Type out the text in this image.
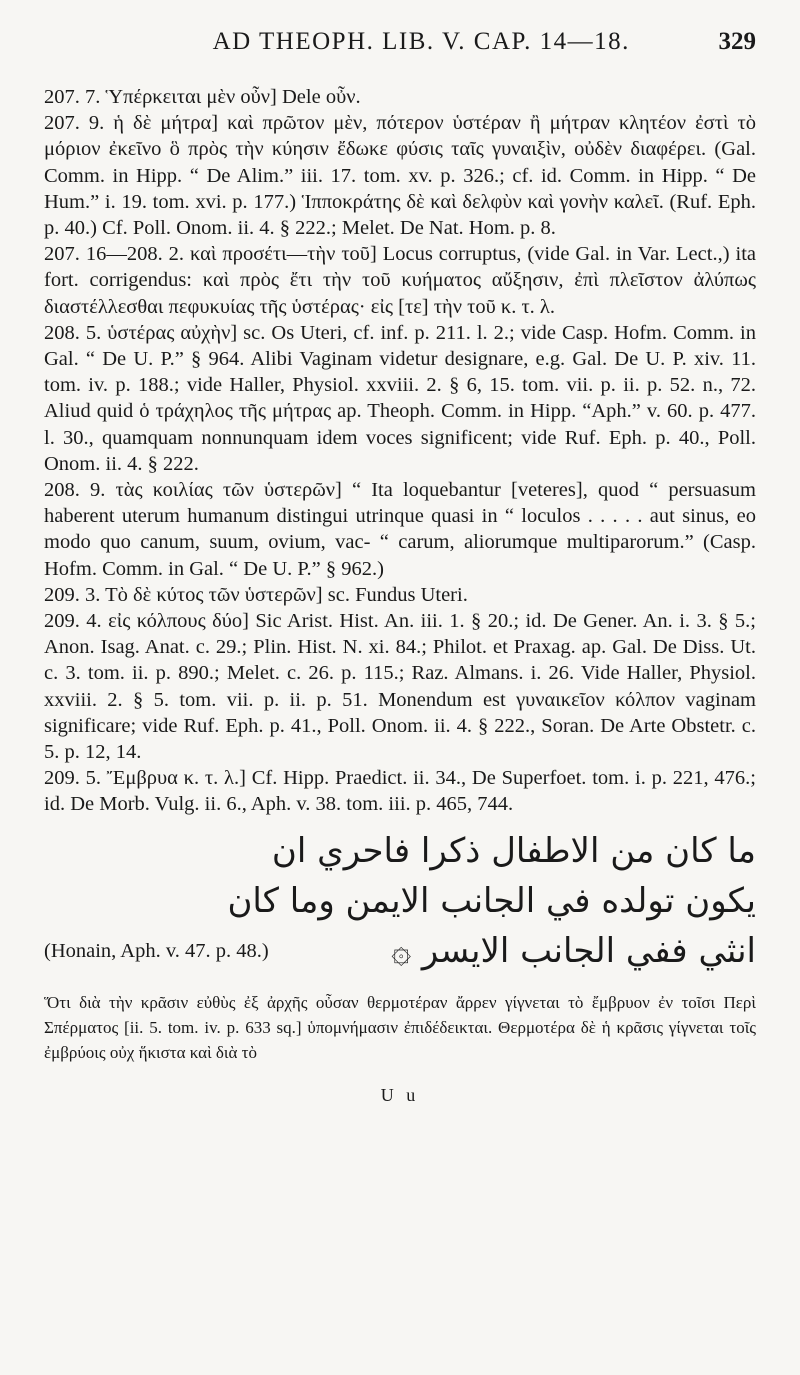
AD THEOPH. LIB. V. CAP. 14—18.	329

207. 7. Ὑπέρκειται μὲν οὖν] Dele οὖν.

207. 9. ἡ δὲ μήτρα] καὶ πρῶτον μὲν, πότερον ὑστέραν ἢ μήτραν κλητέον ἐστὶ τὸ μόριον ἐκεῖνο ὃ πρὸς τὴν κύησιν ἔδωκε φύσις ταῖς γυναιξὶν, οὐδὲν διαφέρει. (Gal. Comm. in Hipp. “ De Alim.” iii. 17. tom. xv. p. 326.; cf. id. Comm. in Hipp. “ De Hum.” i. 19. tom. xvi. p. 177.) Ἱπποκράτης δὲ καὶ δελφὺν καὶ γονὴν καλεῖ. (Ruf. Eph. p. 40.) Cf. Poll. Onom. ii. 4. § 222.; Melet. De Nat. Hom. p. 8.

207. 16—208. 2. καὶ προσέτι—τὴν τοῦ] Locus corruptus, (vide Gal. in Var. Lect.,) ita fort. corrigendus: καὶ πρὸς ἔτι τὴν τοῦ κυήματος αὔξησιν, ἐπὶ πλεῖστον ἀλύπως διαστέλλεσθαι πεφυκυίας τῆς ὑστέρας· εἰς [τε] τὴν τοῦ κ. τ. λ.

208. 5. ὑστέρας αὐχὴν] sc. Os Uteri, cf. inf. p. 211. l. 2.; vide Casp. Hofm. Comm. in Gal. “ De U. P.” § 964. Alibi Vaginam videtur designare, e.g. Gal. De U. P. xiv. 11. tom. iv. p. 188.; vide Haller, Physiol. xxviii. 2. § 6, 15. tom. vii. p. ii. p. 52. n., 72. Aliud quid ὁ τράχηλος τῆς μήτρας ap. Theoph. Comm. in Hipp. “Aph.” v. 60. p. 477. l. 30., quamquam nonnunquam idem voces significent; vide Ruf. Eph. p. 40., Poll. Onom. ii. 4. § 222.

208. 9. τὰς κοιλίας τῶν ὑστερῶν] “ Ita loquebantur [veteres], quod “ persuasum haberent uterum humanum distingui utrinque quasi in “ loculos . . . . . aut sinus, eo modo quo canum, suum, ovium, vac- “ carum, aliorumque multiparorum.” (Casp. Hofm. Comm. in Gal. “ De U. P.” § 962.)

209. 3. Τὸ δὲ κύτος τῶν ὑστερῶν] sc. Fundus Uteri.

209. 4. εἰς κόλπους δύο] Sic Arist. Hist. An. iii. 1. § 20.; id. De Gener. An. i. 3. § 5.; Anon. Isag. Anat. c. 29.; Plin. Hist. N. xi. 84.; Philot. et Praxag. ap. Gal. De Diss. Ut. c. 3. tom. ii. p. 890.; Melet. c. 26. p. 115.; Raz. Almans. i. 26. Vide Haller, Physiol. xxviii. 2. § 5. tom. vii. p. ii. p. 51. Monendum est γυναικεῖον κόλπον vaginam significare; vide Ruf. Eph. p. 41., Poll. Onom. ii. 4. § 222., Soran. De Arte Obstetr. c. 5. p. 12, 14.

209. 5. Ἔμβρυα κ. τ. λ.] Cf. Hipp. Praedict. ii. 34., De Superfoet. tom. i. p. 221, 476.; id. De Morb. Vulg. ii. 6., Aph. v. 38. tom. iii. p. 465, 744.

ما كان من الاطفال ذكرا فاحري ان
يكون تولده في الجانب الايمن وما كان
(Honain, Aph. v. 47. p. 48.)	انثي ففي الجانب الايسر ۞

Ὅτι διὰ τὴν κρᾶσιν εὐθὺς ἐξ ἀρχῆς οὖσαν θερμοτέραν ἄρρεν γίγνεται τὸ ἔμβρυον ἐν τοῖσι Περὶ Σπέρματος [ii. 5. tom. iv. p. 633 sq.] ὑπομνήμασιν ἐπιδέδεικται. Θερμοτέρα δὲ ἡ κρᾶσις γίγνεται τοῖς ἐμβρύοις οὐχ ἥκιστα καὶ διὰ τὸ

U u
